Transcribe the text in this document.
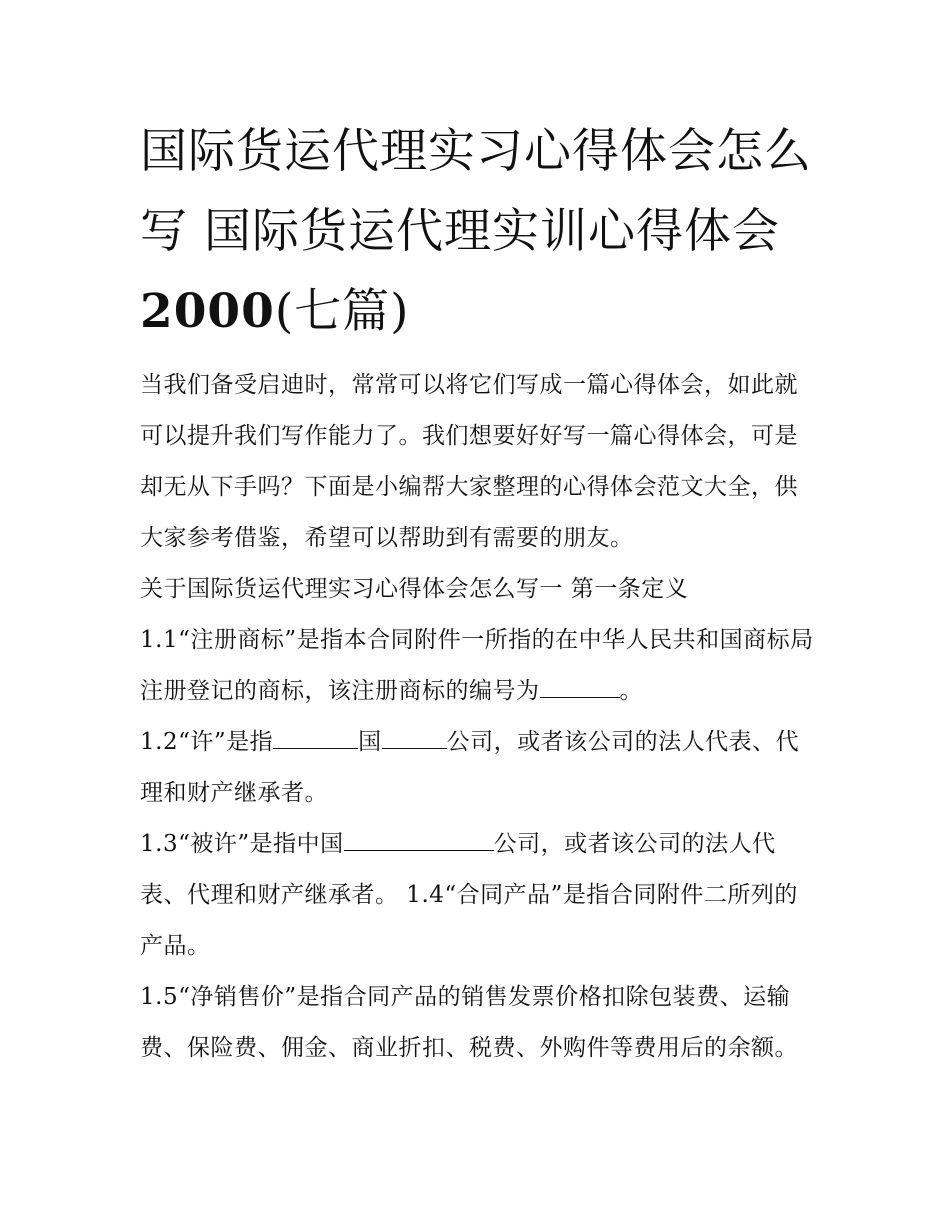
国际货运代理实习心得体会怎么写 国际货运代理实训心得体会 2000(七篇)

当我们备受启迪时，常常可以将它们写成一篇心得体会，如此就可以提升我们写作能力了。我们想要好好写一篇心得体会，可是却无从下手吗？下面是小编帮大家整理的心得体会范文大全，供大家参考借鉴，希望可以帮助到有需要的朋友。

关于国际货运代理实习心得体会怎么写一 第一条定义

1.1“注册商标”是指本合同附件一所指的在中华人民共和国商标局注册登记的商标，该注册商标的编号为	。

1.2“许”是指	国	公司，或者该公司的法人代表、代理和财产继承者。

1.3“被许”是指中国	公司，或者该公司的法人代表、代理和财产继承者。 1.4“合同产品”是指合同附件二所列的产品。

1.5“净销售价”是指合同产品的销售发票价格扣除包装费、运输费、保险费、佣金、商业折扣、税费、外购件等费用后的余额。
